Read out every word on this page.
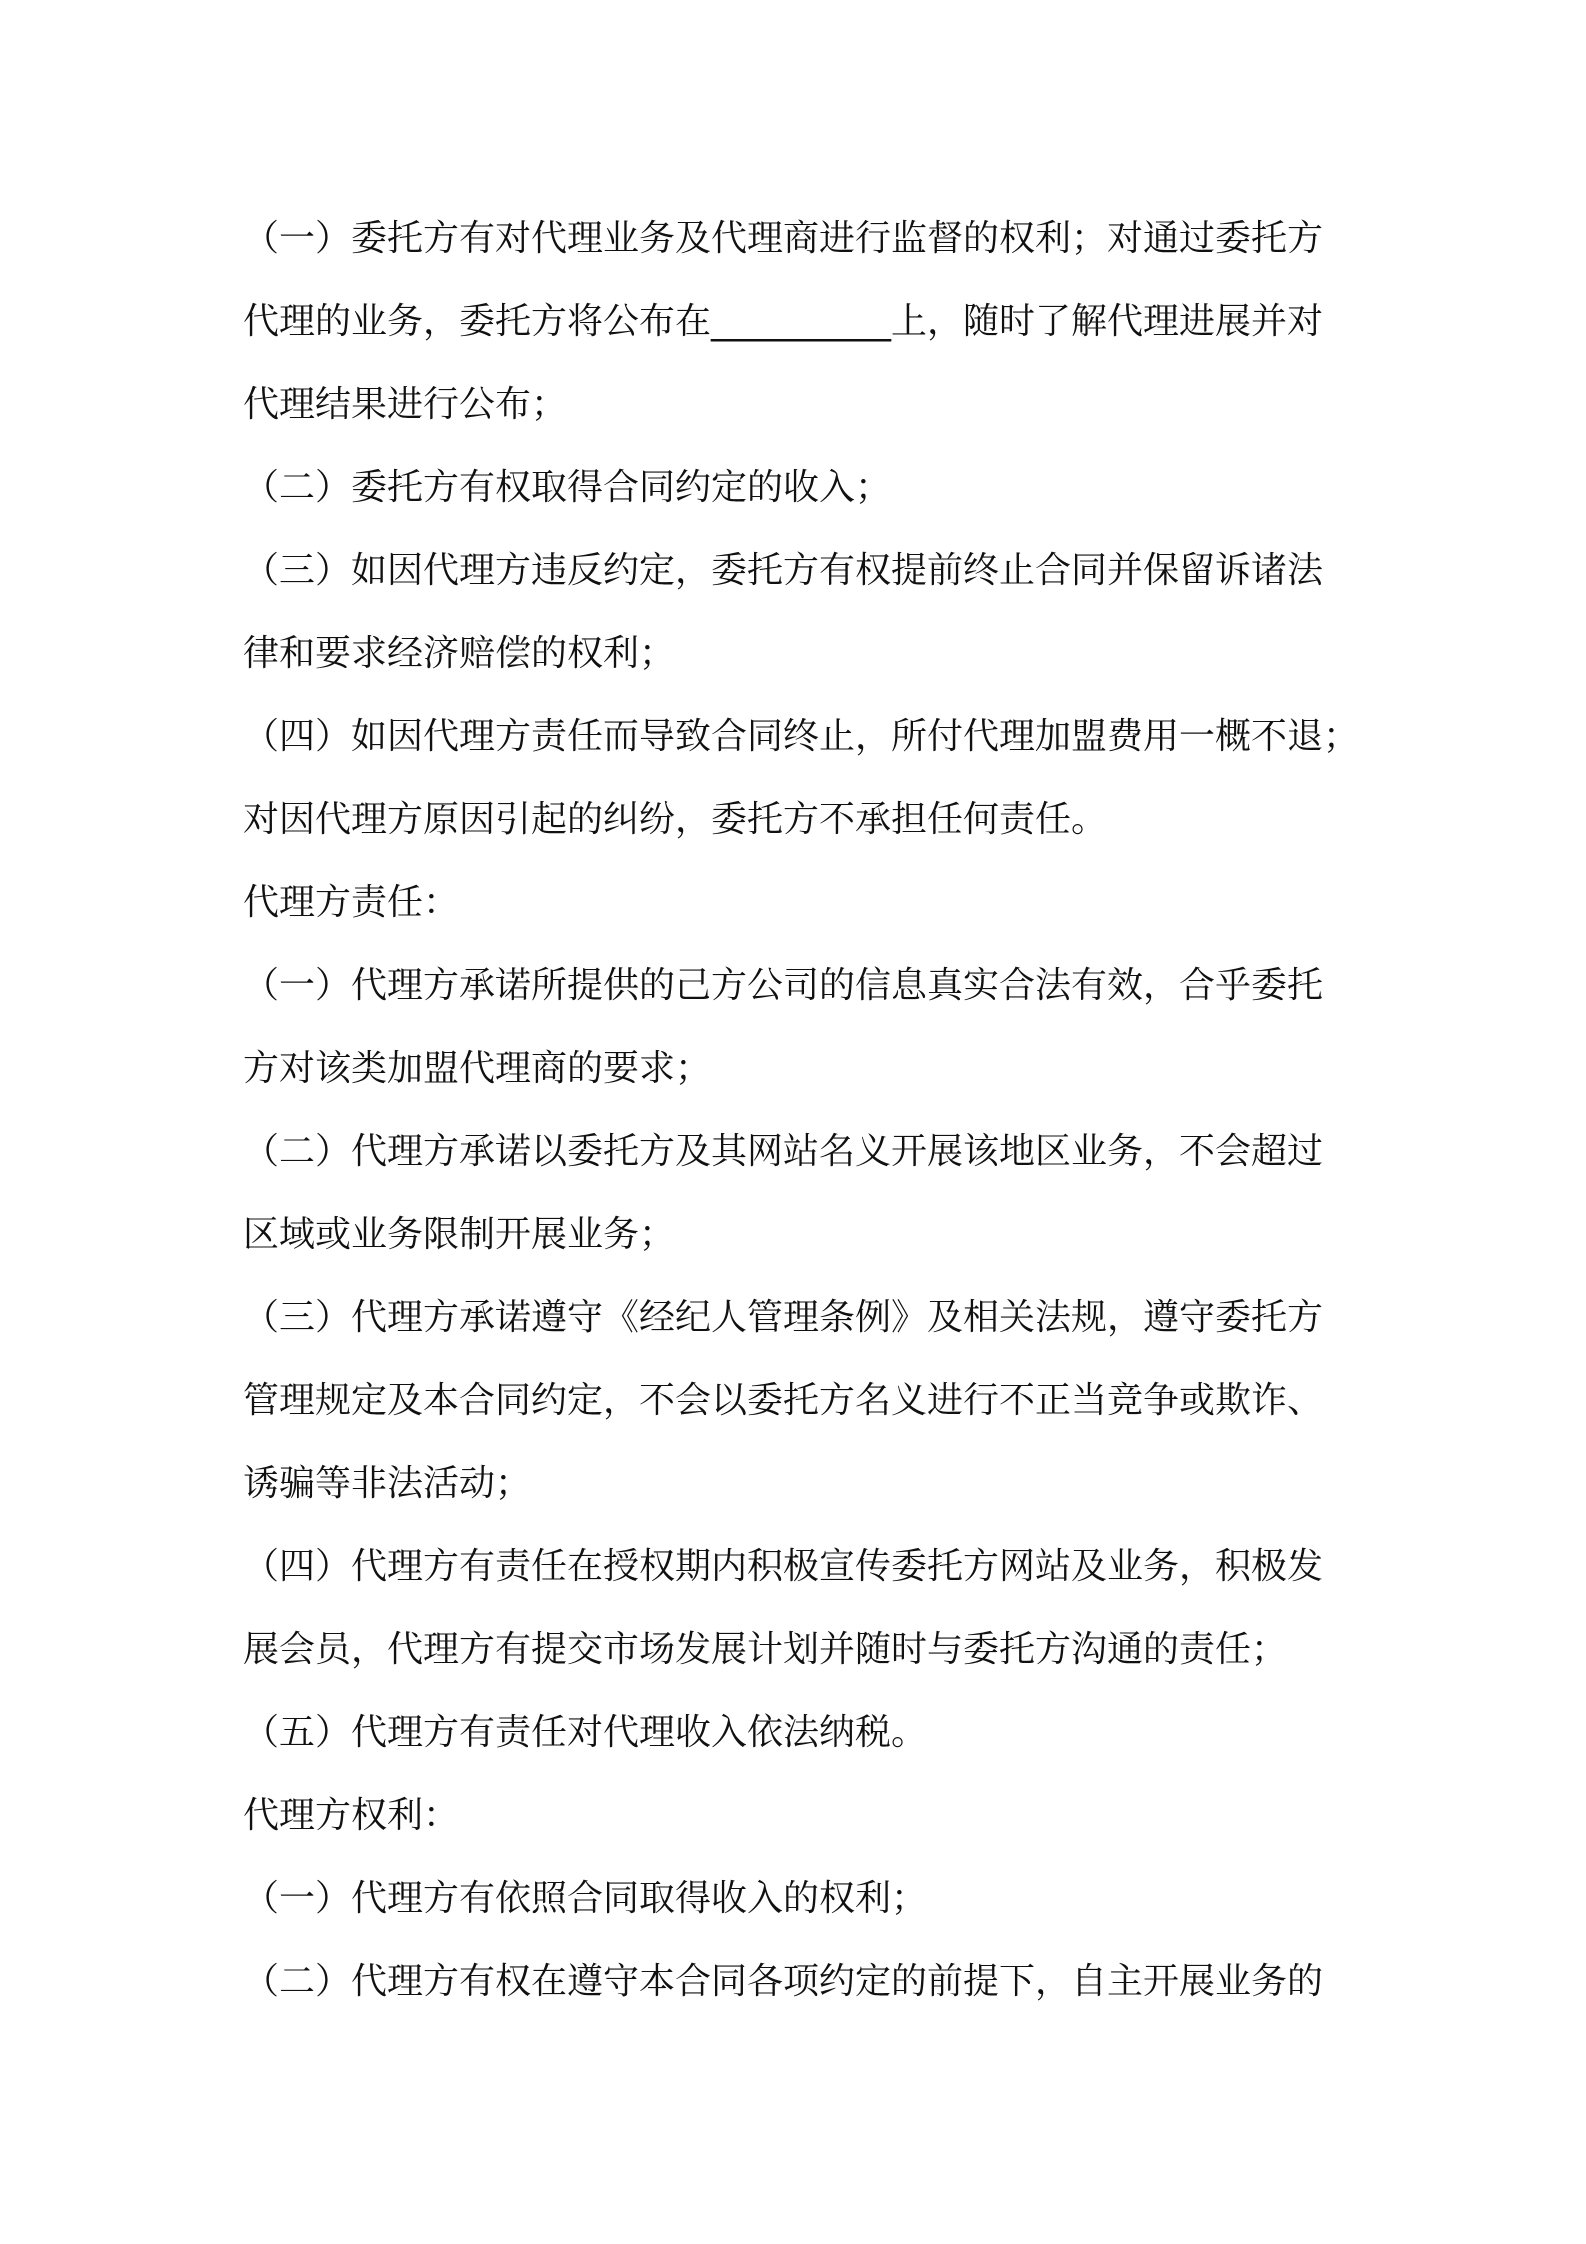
（一）委托方有对代理业务及代理商进行监督的权利；对通过委托方
代理的业务，委托方将公布在__________上，随时了解代理进展并对
代理结果进行公布；
（二）委托方有权取得合同约定的收入；
（三）如因代理方违反约定，委托方有权提前终止合同并保留诉诸法
律和要求经济赔偿的权利；
（四）如因代理方责任而导致合同终止，所付代理加盟费用一概不退；
对因代理方原因引起的纠纷，委托方不承担任何责任。
代理方责任：
（一）代理方承诺所提供的己方公司的信息真实合法有效，合乎委托
方对该类加盟代理商的要求；
（二）代理方承诺以委托方及其网站名义开展该地区业务，不会超过
区域或业务限制开展业务；
（三）代理方承诺遵守《经纪人管理条例》及相关法规，遵守委托方
管理规定及本合同约定，不会以委托方名义进行不正当竞争或欺诈、
诱骗等非法活动；
（四）代理方有责任在授权期内积极宣传委托方网站及业务，积极发
展会员，代理方有提交市场发展计划并随时与委托方沟通的责任；
（五）代理方有责任对代理收入依法纳税。
代理方权利：
（一）代理方有依照合同取得收入的权利；
（二）代理方有权在遵守本合同各项约定的前提下，自主开展业务的
